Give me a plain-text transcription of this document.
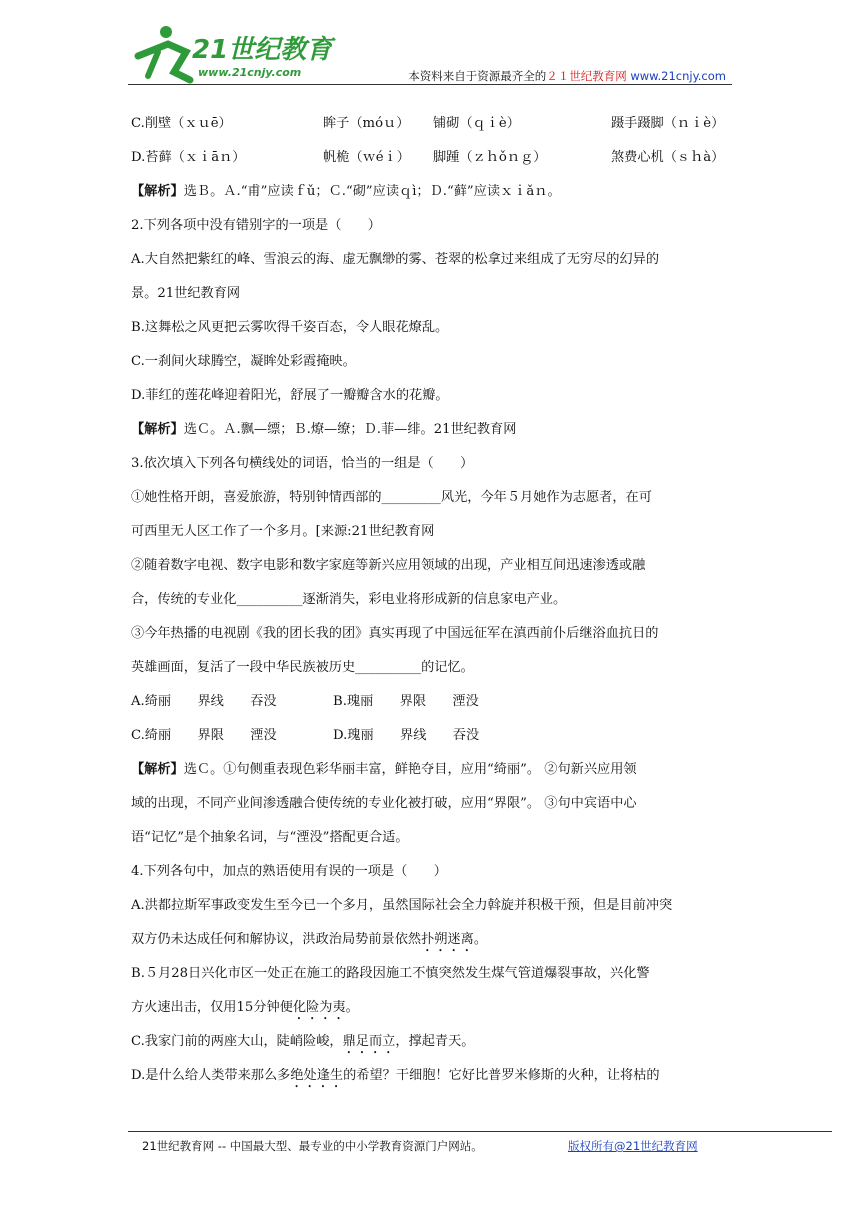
21世纪教育
www.21cnjy.com	本资料来自于资源最齐全的２１世纪教育网 www.21cnjy.com
C.削壁（ｘｕē）	眸子（móｕ） 铺砌（ｑｉè）	蹑手蹑脚（ｎｉè）
D.苔藓（ｘｉāｎ）	帆桅（ｗéｉ） 脚踵（ｚｈǒｎｇ）	煞费心机（ｓｈà）
【解析】选Ｂ。Ａ.“甫”应读ｆǔ；Ｃ.“砌”应读ｑì；Ｄ.“藓”应读ｘｉǎｎ。
2.下列各项中没有错别字的一项是（　　）
A.大自然把紫红的峰、雪浪云的海、虚无飘缈的雾、苍翠的松拿过来组成了无穷尽的幻异的
景。21世纪教育网
B.这舞松之风更把云雾吹得千姿百态，令人眼花燎乱。
C.一刹间火球腾空，凝眸处彩霞掩映。
D.菲红的莲花峰迎着阳光，舒展了一瓣瓣含水的花瓣。
【解析】选Ｃ。Ａ.飘—缥；Ｂ.燎—缭；Ｄ.菲—绯。21世纪教育网
3.依次填入下列各句横线处的词语，恰当的一组是（　　）
①她性格开朗，喜爱旅游，特别钟情西部的_________风光，今年５月她作为志愿者，在可
可西里无人区工作了一个多月。[来源:21世纪教育网
②随着数字电视、数字电影和数字家庭等新兴应用领域的出现，产业相互间迅速渗透或融
合，传统的专业化__________逐渐消失，彩电业将形成新的信息家电产业。
③今年热播的电视剧《我的团长我的团》真实再现了中国远征军在滇西前仆后继浴血抗日的
英雄画面，复活了一段中华民族被历史__________的记忆。
A.绮丽　　界线　　吞没	B.瑰丽　　界限　　湮没
C.绮丽　　界限　　湮没	D.瑰丽　　界线　　吞没
【解析】选Ｃ。①句侧重表现色彩华丽丰富，鲜艳夺目，应用“绮丽”。 ②句新兴应用领
域的出现，不同产业间渗透融合使传统的专业化被打破，应用“界限”。 ③句中宾语中心
语“记忆”是个抽象名词，与“湮没”搭配更合适。
4.下列各句中，加点的熟语使用有误的一项是（　　）
A.洪都拉斯军事政变发生至今已一个多月，虽然国际社会全力斡旋并积极干预，但是目前冲突
双方仍未达成任何和解协议，洪政治局势前景依然扑朔迷离。
B.５月28日兴化市区一处正在施工的路段因施工不慎突然发生煤气管道爆裂事故，兴化警
方火速出击，仅用15分钟便化险为夷。
C.我家门前的两座大山，陡峭险峻，鼎足而立，撑起青天。
D.是什么给人类带来那么多绝处逢生的希望？干细胞！它好比普罗米修斯的火种，让将枯的
21世纪教育网 -- 中国最大型、最专业的中小学教育资源门户网站。	版权所有@21世纪教育网
